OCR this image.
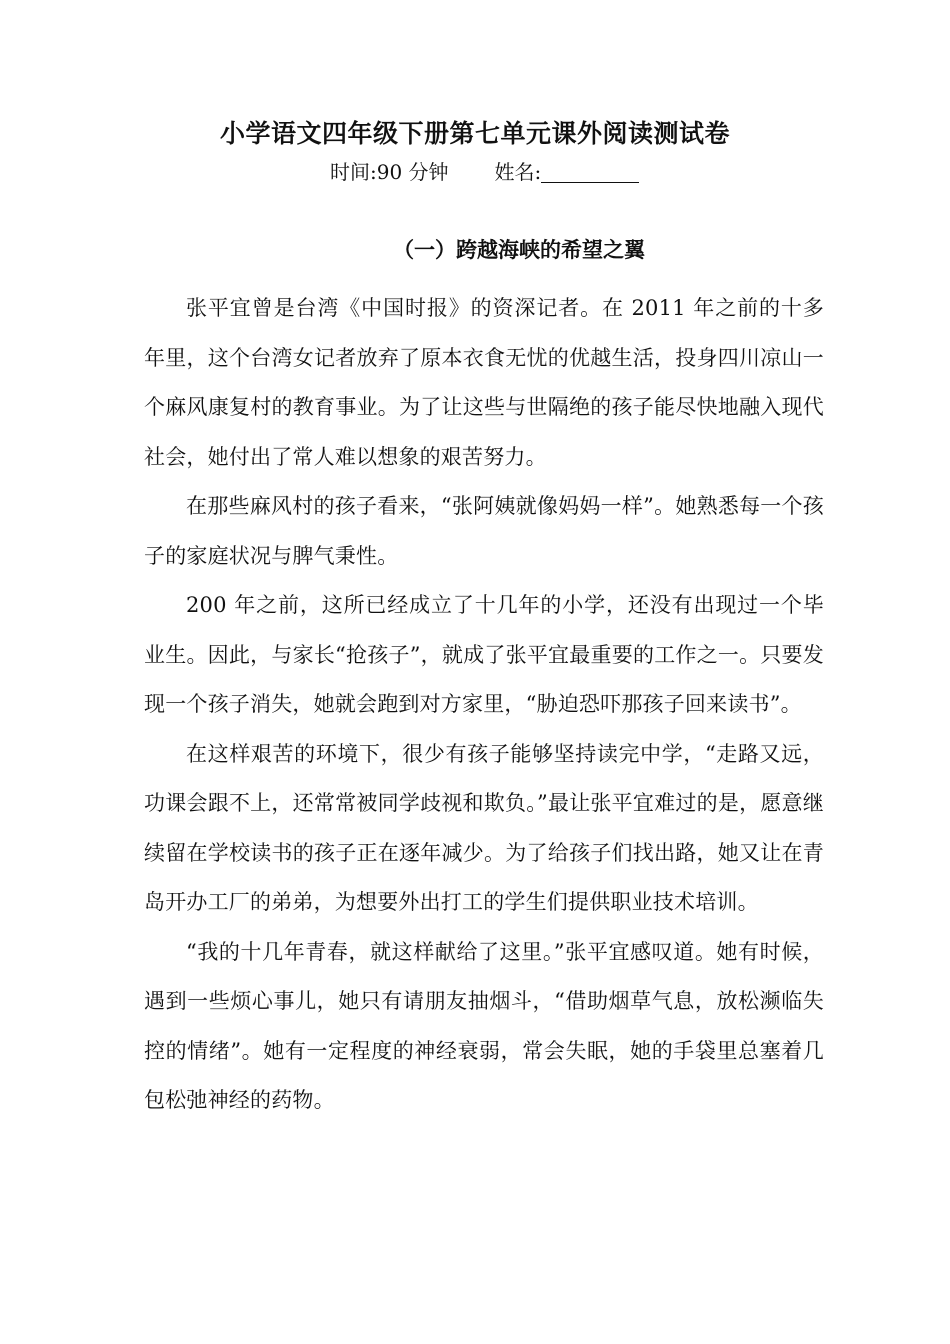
小学语文四年级下册第七单元课外阅读测试卷
时间:90 分钟 姓名:
（一）跨越海峡的希望之翼

张平宜曾是台湾《中国时报》的资深记者。在 2011 年之前的十多年里，这个台湾女记者放弃了原本衣食无忧的优越生活，投身四川凉山一个麻风康复村的教育事业。为了让这些与世隔绝的孩子能尽快地融入现代社会，她付出了常人难以想象的艰苦努力。

在那些麻风村的孩子看来，“张阿姨就像妈妈一样”。她熟悉每一个孩子的家庭状况与脾气秉性。

200 年之前，这所已经成立了十几年的小学，还没有出现过一个毕业生。因此，与家长“抢孩子”，就成了张平宜最重要的工作之一。只要发现一个孩子消失，她就会跑到对方家里，“胁迫恐吓那孩子回来读书”。

在这样艰苦的环境下，很少有孩子能够坚持读完中学，“走路又远，功课会跟不上，还常常被同学歧视和欺负。”最让张平宜难过的是，愿意继续留在学校读书的孩子正在逐年减少。为了给孩子们找出路，她又让在青岛开办工厂的弟弟，为想要外出打工的学生们提供职业技术培训。

“我的十几年青春，就这样献给了这里。”张平宜感叹道。她有时候，遇到一些烦心事儿，她只有请朋友抽烟斗，“借助烟草气息，放松濒临失控的情绪”。她有一定程度的神经衰弱，常会失眠，她的手袋里总塞着几包松弛神经的药物。
